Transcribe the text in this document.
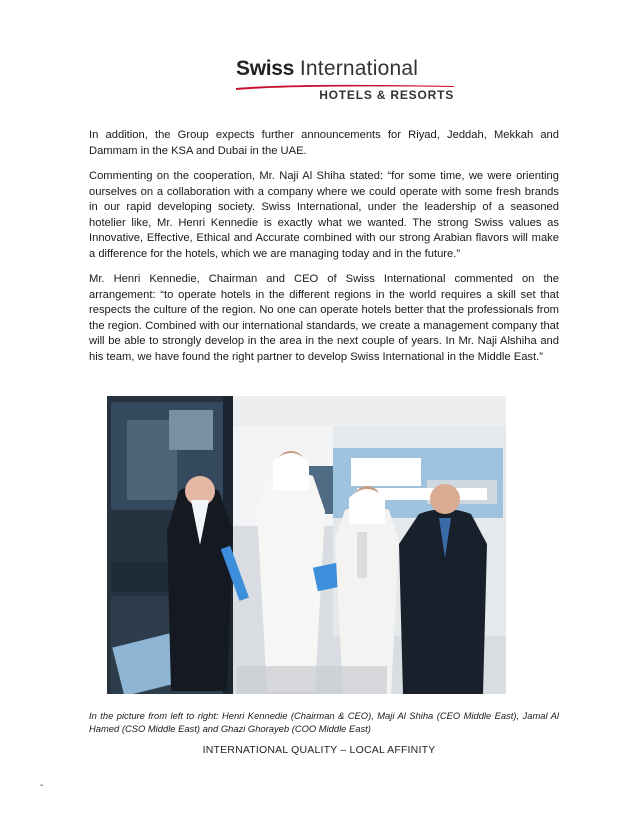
Swiss International
HOTELS & RESORTS

In addition, the Group expects further announcements for Riyad, Jeddah, Mekkah and Dammam in the KSA and Dubai in the UAE.

Commenting on the cooperation, Mr. Naji Al Shiha stated: “for some time, we were orienting ourselves on a collaboration with a company where we could operate with some fresh brands in our rapid developing society. Swiss International, under the leadership of a seasoned hotelier like, Mr. Henri Kennedie is exactly what we wanted. The strong Swiss values as Innovative, Effective, Ethical and Accurate combined with our strong Arabian flavors will make a difference for the hotels, which we are managing today and in the future.”

Mr. Henri Kennedie, Chairman and CEO of Swiss International commented on the arrangement: “to operate hotels in the different regions in the world requires a skill set that respects the culture of the region. No one can operate hotels better that the professionals from the region. Combined with our international standards, we create a management company that will be able to strongly develop in the area in the next couple of years. In Mr. Naji Alshiha and his team, we have found the right partner to develop Swiss International in the Middle East.”

In the picture from left to right: Henri Kennedie (Chairman & CEO), Maji Al Shiha (CEO Middle East), Jamal Al Hamed (CSO Middle East) and Ghazi Ghorayeb (COO Middle East)
INTERNATIONAL QUALITY – LOCAL AFFINITY
-
